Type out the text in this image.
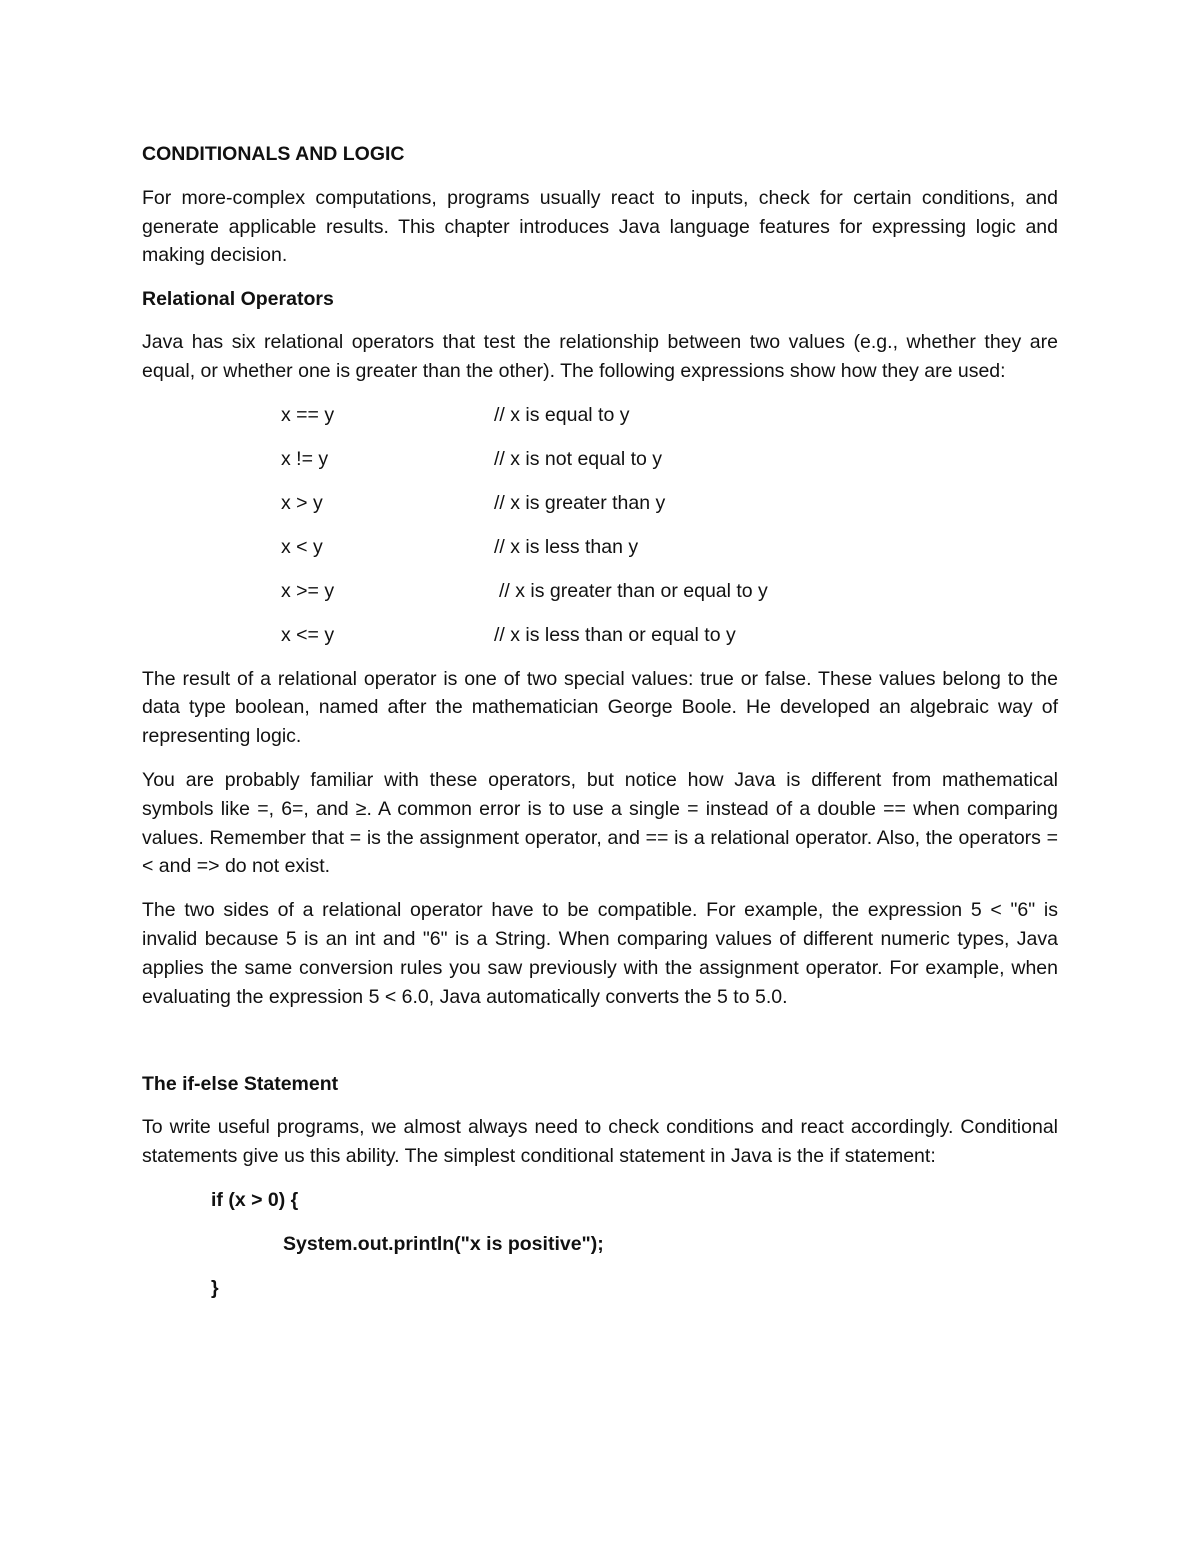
CONDITIONALS AND LOGIC
For more-complex computations, programs usually react to inputs, check for certain conditions, and generate applicable results. This chapter introduces Java language features for expressing logic and making decision.
Relational Operators
Java has six relational operators that test the relationship between two values (e.g., whether they are equal, or whether one is greater than the other). The following expressions show how they are used:
x == y	// x is equal to y
x != y	// x is not equal to y
x > y	// x is greater than y
x < y	// x is less than y
x >= y	// x is greater than or equal to y
x <= y	// x is less than or equal to y
The result of a relational operator is one of two special values: true or false. These values belong to the data type boolean, named after the mathematician George Boole. He developed an algebraic way of representing logic.
You are probably familiar with these operators, but notice how Java is different from mathematical symbols like =, 6=, and ≥. A common error is to use a single = instead of a double == when comparing values. Remember that = is the assignment operator, and == is a relational operator. Also, the operators =< and => do not exist.
The two sides of a relational operator have to be compatible. For example, the expression 5 < "6" is invalid because 5 is an int and "6" is a String. When comparing values of different numeric types, Java applies the same conversion rules you saw previously with the assignment operator. For example, when evaluating the expression 5 < 6.0, Java automatically converts the 5 to 5.0.
The if-else Statement
To write useful programs, we almost always need to check conditions and react accordingly. Conditional statements give us this ability. The simplest conditional statement in Java is the if statement:
if (x > 0) {
System.out.println("x is positive");
}
